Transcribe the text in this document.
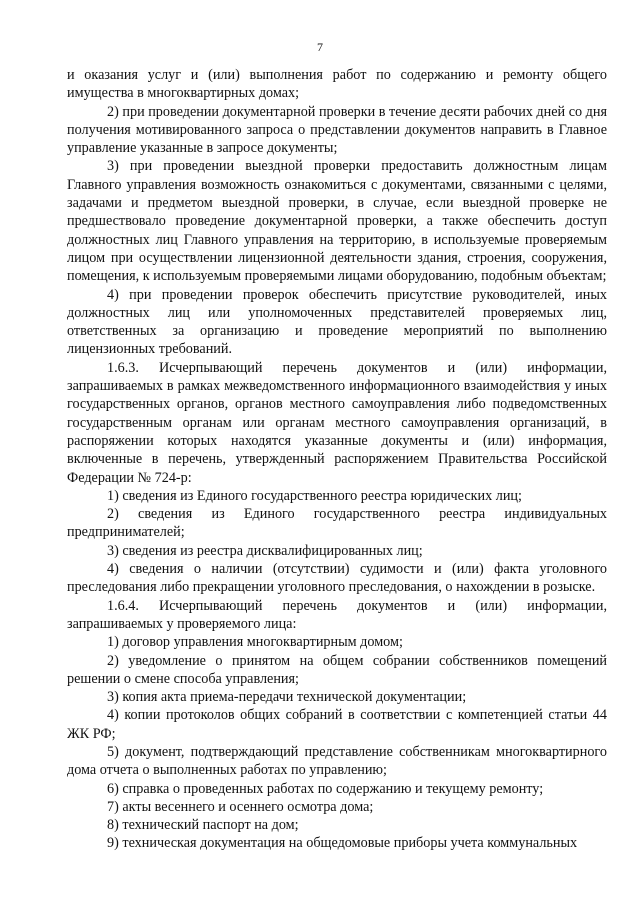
7

и оказания услуг и (или) выполнения работ по содержанию и ремонту общего имущества в многоквартирных домах;

2) при проведении документарной проверки в течение десяти рабочих дней со дня получения мотивированного запроса о представлении документов направить в Главное управление указанные в запросе документы;

3) при проведении выездной проверки предоставить должностным лицам Главного управления возможность ознакомиться с документами, связанными с целями, задачами и предметом выездной проверки, в случае, если выездной проверке не предшествовало проведение документарной проверки, а также обеспечить доступ должностных лиц Главного управления на территорию, в используемые проверяемым лицом при осуществлении лицензионной деятельности здания, строения, сооружения, помещения, к используемым проверяемыми лицами оборудованию, подобным объектам;

4) при проведении проверок обеспечить присутствие руководителей, иных должностных лиц или уполномоченных представителей проверяемых лиц, ответственных за организацию и проведение мероприятий по выполнению лицензионных требований.

1.6.3. Исчерпывающий перечень документов и (или) информации, запрашиваемых в рамках межведомственного информационного взаимодействия у иных государственных органов, органов местного самоуправления либо подведомственных государственным органам или органам местного самоуправления организаций, в распоряжении которых находятся указанные документы и (или) информация, включенные в перечень, утвержденный распоряжением Правительства Российской Федерации № 724-р:

1) сведения из Единого государственного реестра юридических лиц;

2) сведения из Единого государственного реестра индивидуальных предпринимателей;

3) сведения из реестра дисквалифицированных лиц;

4) сведения о наличии (отсутствии) судимости и (или) факта уголовного преследования либо прекращении уголовного преследования, о нахождении в розыске.

1.6.4. Исчерпывающий перечень документов и (или) информации, запрашиваемых у проверяемого лица:

1) договор управления многоквартирным домом;

2) уведомление о принятом на общем собрании собственников помещений решении о смене способа управления;

3) копия акта приема-передачи технической документации;

4) копии протоколов общих собраний в соответствии с компетенцией статьи 44 ЖК РФ;

5) документ, подтверждающий представление собственникам многоквартирного дома отчета о выполненных работах по управлению;

6) справка о проведенных работах по содержанию и текущему ремонту;

7) акты весеннего и осеннего осмотра дома;

8) технический паспорт на дом;

9) техническая документация на общедомовые приборы учета коммунальных
